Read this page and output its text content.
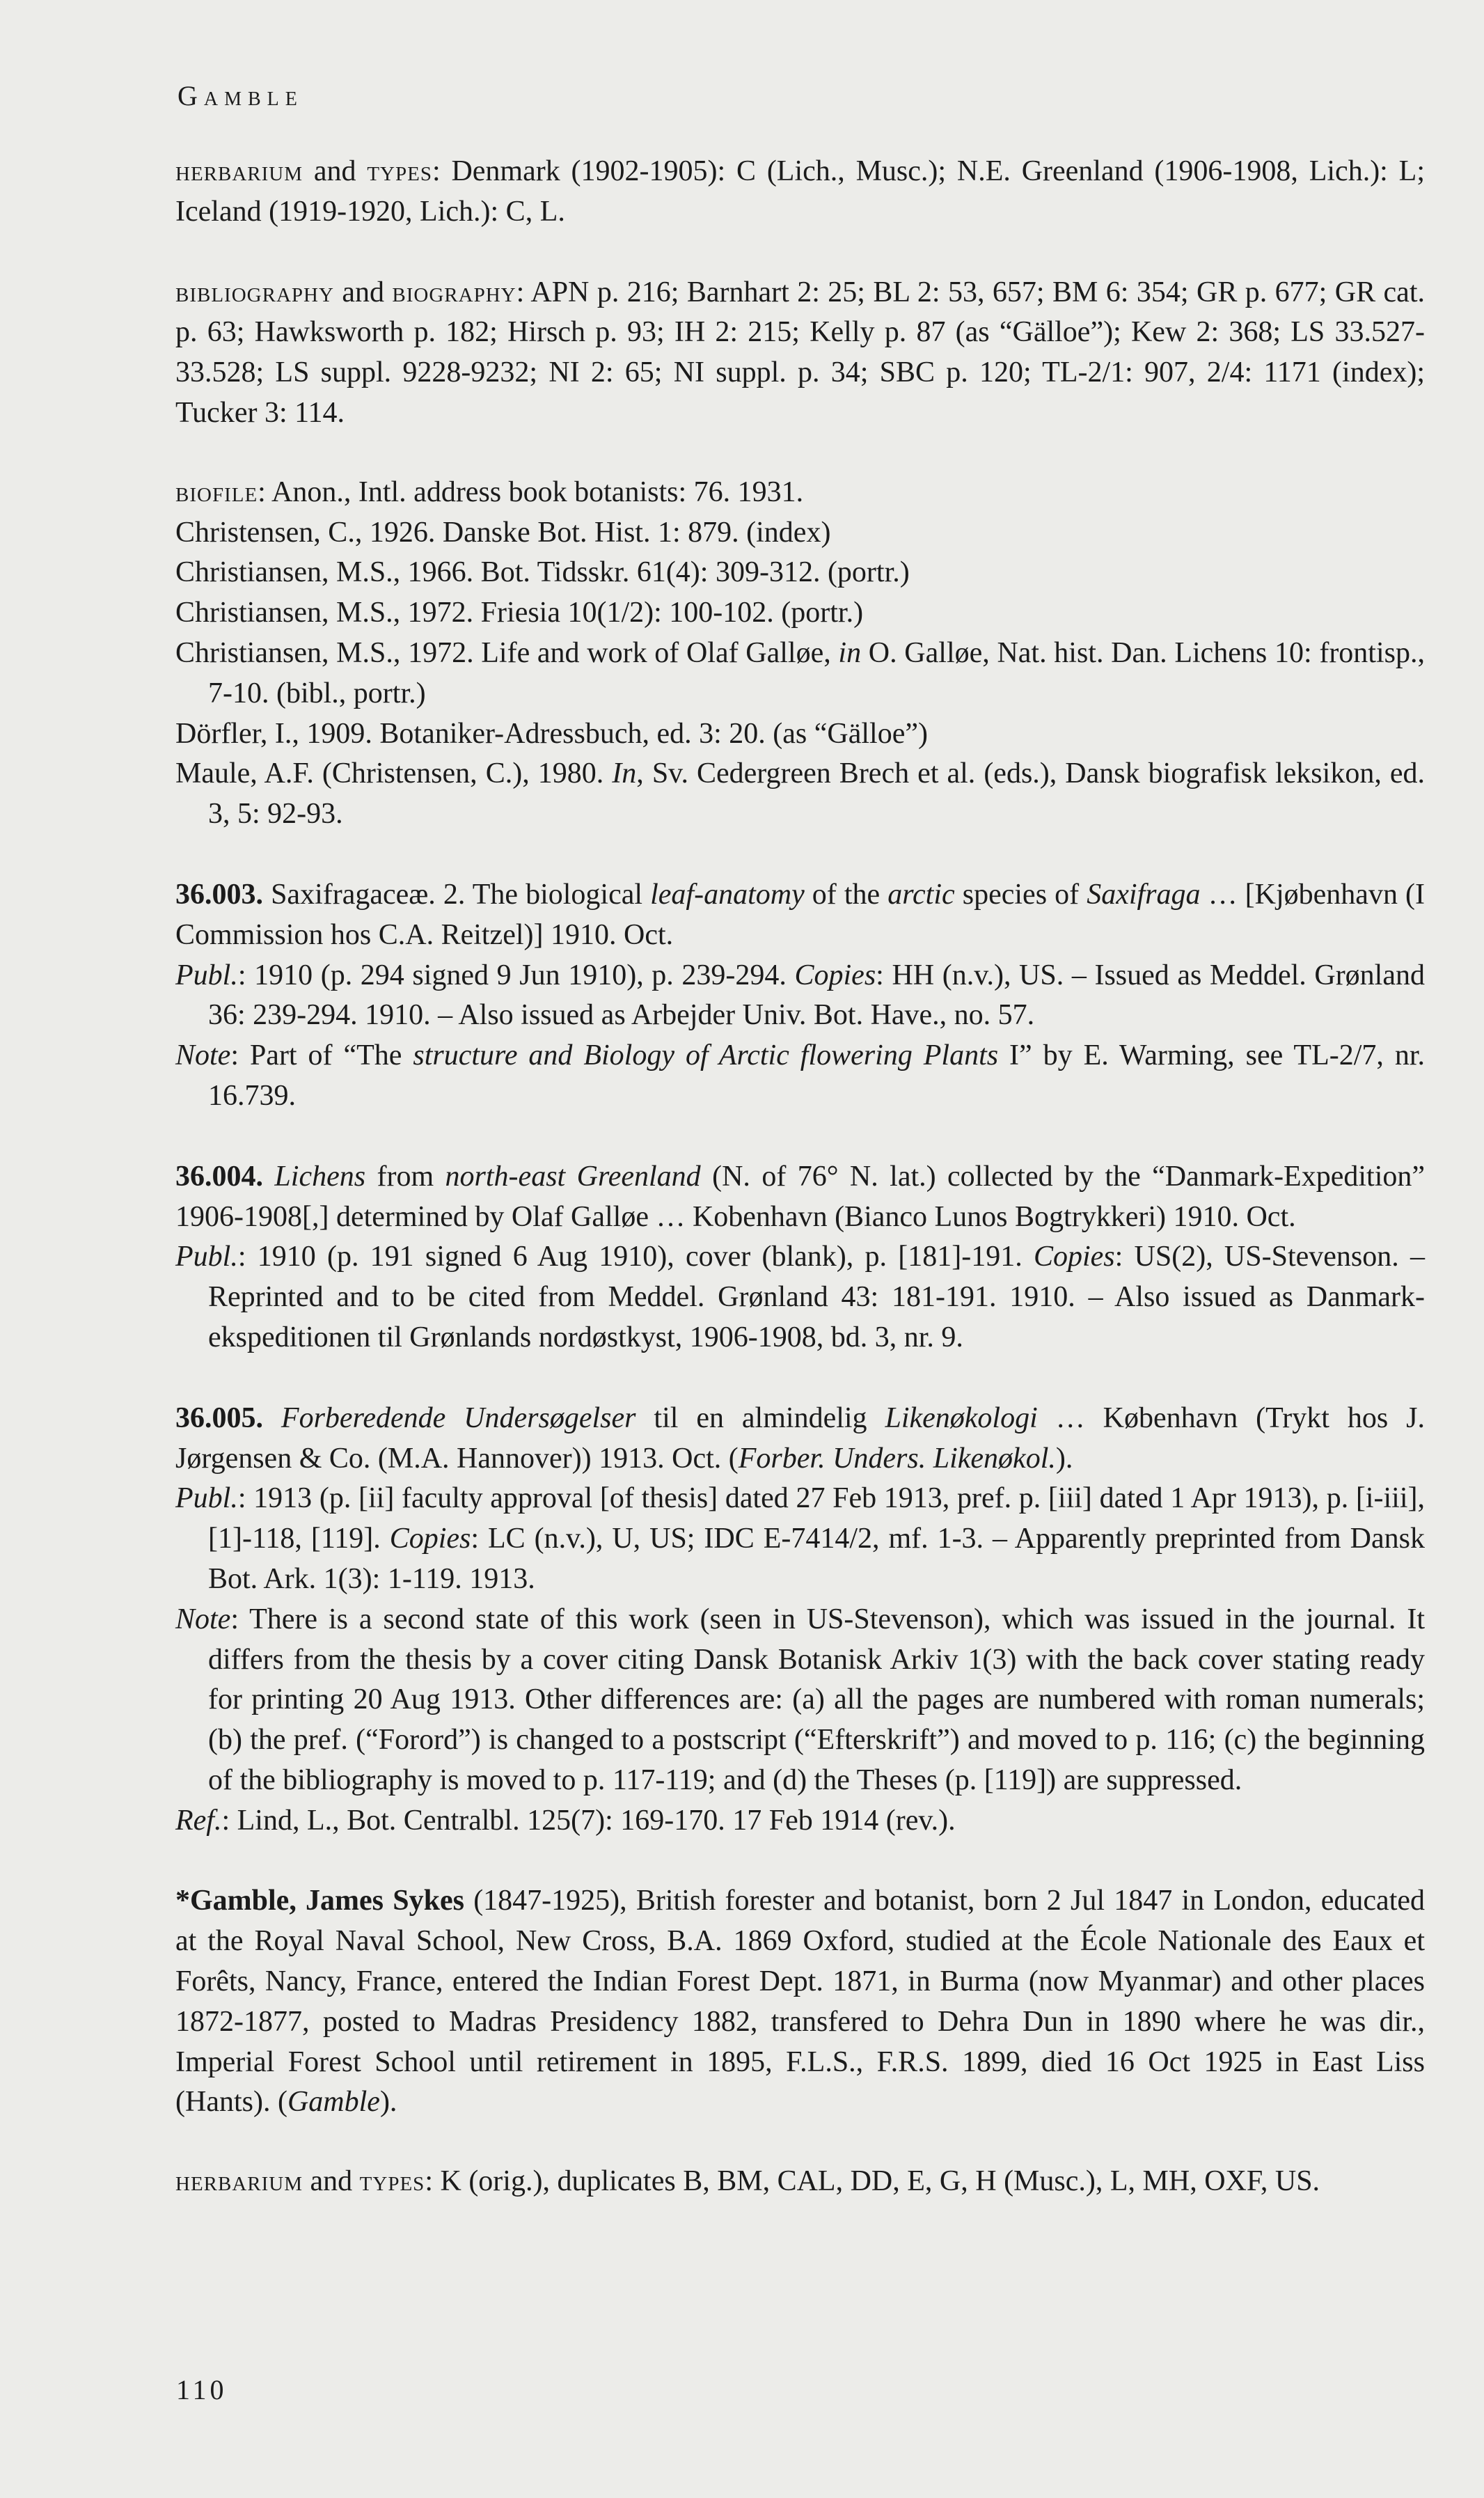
Gamble

herbarium and types: Denmark (1902-1905): C (Lich., Musc.); N.E. Greenland (1906-1908, Lich.): L; Iceland (1919-1920, Lich.): C, L.

bibliography and biography: APN p. 216; Barnhart 2: 25; BL 2: 53, 657; BM 6: 354; GR p. 677; GR cat. p. 63; Hawksworth p. 182; Hirsch p. 93; IH 2: 215; Kelly p. 87 (as “Gälloe”); Kew 2: 368; LS 33.527-33.528; LS suppl. 9228-9232; NI 2: 65; NI suppl. p. 34; SBC p. 120; TL-2/1: 907, 2/4: 1171 (index); Tucker 3: 114.

biofile: Anon., Intl. address book botanists: 76. 1931.

Christensen, C., 1926. Danske Bot. Hist. 1: 879. (index)

Christiansen, M.S., 1966. Bot. Tidsskr. 61(4): 309-312. (portr.)

Christiansen, M.S., 1972. Friesia 10(1/2): 100-102. (portr.)

Christiansen, M.S., 1972. Life and work of Olaf Galløe, in O. Galløe, Nat. hist. Dan. Lichens 10: frontisp., 7-10. (bibl., portr.)

Dörfler, I., 1909. Botaniker-Adressbuch, ed. 3: 20. (as “Gälloe”)

Maule, A.F. (Christensen, C.), 1980. In, Sv. Cedergreen Brech et al. (eds.), Dansk biografisk leksikon, ed. 3, 5: 92-93.

36.003. Saxifragaceæ. 2. The biological leaf-anatomy of the arctic species of Saxifraga … [Kjøbenhavn (I Commission hos C.A. Reitzel)] 1910. Oct.

Publ.: 1910 (p. 294 signed 9 Jun 1910), p. 239-294. Copies: HH (n.v.), US. – Issued as Meddel. Grønland 36: 239-294. 1910. – Also issued as Arbejder Univ. Bot. Have., no. 57.

Note: Part of “The structure and Biology of Arctic flowering Plants I” by E. Warming, see TL-2/7, nr. 16.739.

36.004. Lichens from north-east Greenland (N. of 76° N. lat.) collected by the “Danmark-Expedition” 1906-1908[,] determined by Olaf Galløe … Kobenhavn (Bianco Lunos Bogtrykkeri) 1910. Oct.

Publ.: 1910 (p. 191 signed 6 Aug 1910), cover (blank), p. [181]-191. Copies: US(2), US-Stevenson. – Reprinted and to be cited from Meddel. Grønland 43: 181-191. 1910. – Also issued as Danmark-ekspeditionen til Grønlands nordøstkyst, 1906-1908, bd. 3, nr. 9.

36.005. Forberedende Undersøgelser til en almindelig Likenøkologi … København (Trykt hos J. Jørgensen & Co. (M.A. Hannover)) 1913. Oct. (Forber. Unders. Likenøkol.).

Publ.: 1913 (p. [ii] faculty approval [of thesis] dated 27 Feb 1913, pref. p. [iii] dated 1 Apr 1913), p. [i-iii], [1]-118, [119]. Copies: LC (n.v.), U, US; IDC E-7414/2, mf. 1-3. – Apparently preprinted from Dansk Bot. Ark. 1(3): 1-119. 1913.

Note: There is a second state of this work (seen in US-Stevenson), which was issued in the journal. It differs from the thesis by a cover citing Dansk Botanisk Arkiv 1(3) with the back cover stating ready for printing 20 Aug 1913. Other differences are: (a) all the pages are numbered with roman numerals; (b) the pref. (“Forord”) is changed to a postscript (“Efterskrift”) and moved to p. 116; (c) the beginning of the bibliography is moved to p. 117-119; and (d) the Theses (p. [119]) are suppressed.

Ref.: Lind, L., Bot. Centralbl. 125(7): 169-170. 17 Feb 1914 (rev.).

*Gamble, James Sykes (1847-1925), British forester and botanist, born 2 Jul 1847 in London, educated at the Royal Naval School, New Cross, B.A. 1869 Oxford, studied at the École Nationale des Eaux et Forêts, Nancy, France, entered the Indian Forest Dept. 1871, in Burma (now Myanmar) and other places 1872-1877, posted to Madras Presidency 1882, transfered to Dehra Dun in 1890 where he was dir., Imperial Forest School until retirement in 1895, F.L.S., F.R.S. 1899, died 16 Oct 1925 in East Liss (Hants). (Gamble).

herbarium and types: K (orig.), duplicates B, BM, CAL, DD, E, G, H (Musc.), L, MH, OXF, US.

110
